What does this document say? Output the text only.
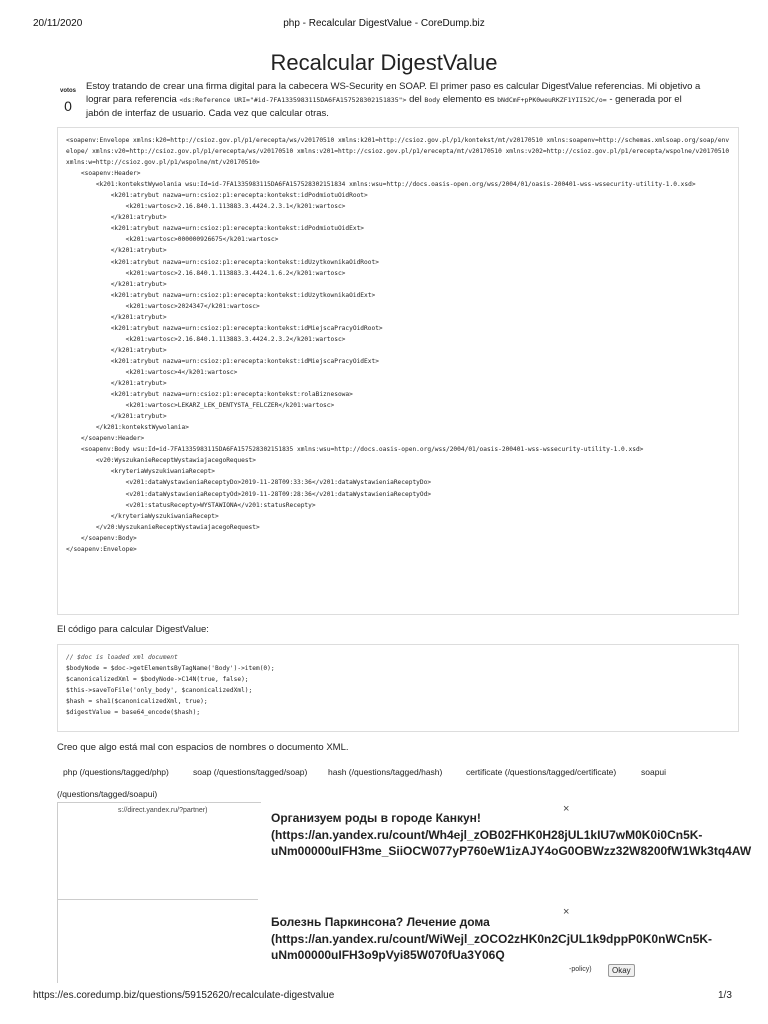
20/11/2020	php - Recalcular DigestValue - CoreDump.biz
Recalcular DigestValue
votos
0
Estoy tratando de crear una firma digital para la cabecera WS-Security en SOAP. El primer paso es calcular DigestValue referencias. Mi objetivo a lograr para referencia <ds:Reference URI="#id-7FA1335983115DA6FA157528302151835"> del Body elemento es bNdCmF+pPK0weuRKZF1YII52C/o= - generada por el jabón de interfaz de usuario. Cada vez que calcular otras.
<soapenv:Envelope xmlns:k20=http://csioz.gov.pl/p1/erecepta/ws/v20170510 xmlns:k201=http://csioz.gov.pl/p1/kontekst/mt/v20170510 xmlns:soapenv=http://schemas.xmlsoap.org/soap/envelope/ xmlns:v20=http://csioz.gov.pl/p1/erecepta/ws/v20170510 xmlns:v201=http://csioz.gov.pl/p1/erecepta/mt/v20170510 xmlns:v202=http://csioz.gov.pl/p1/erecepta/wspolne/v20170510 xmlns:w=http://csioz.gov.pl/p1/wspolne/mt/v20170510>
<soapenv:Header>
<k201:kontekstWywolania wsu:Id=id-7FA1335983115DA6FA157528302151834 xmlns:wsu=http://docs.oasis-open.org/wss/2004/01/oasis-200401-wss-wssecurity-utility-1.0.xsd>
<k201:atrybut nazwa=urn:csioz:p1:erecepta:kontekst:idPodmiotuOidRoot>
<k201:wartosc>2.16.840.1.113883.3.4424.2.3.1</k201:wartosc>
</k201:atrybut>
<k201:atrybut nazwa=urn:csioz:p1:erecepta:kontekst:idPodmiotuOidExt>
<k201:wartosc>000000926675</k201:wartosc>
</k201:atrybut>
<k201:atrybut nazwa=urn:csioz:p1:erecepta:kontekst:idUzytkownikaOidRoot>
<k201:wartosc>2.16.840.1.113883.3.4424.1.6.2</k201:wartosc>
</k201:atrybut>
<k201:atrybut nazwa=urn:csioz:p1:erecepta:kontekst:idUzytkownikaOidExt>
<k201:wartosc>2024347</k201:wartosc>
</k201:atrybut>
<k201:atrybut nazwa=urn:csioz:p1:erecepta:kontekst:idMiejscaPracyOidRoot>
<k201:wartosc>2.16.840.1.113883.3.4424.2.3.2</k201:wartosc>
</k201:atrybut>
<k201:atrybut nazwa=urn:csioz:p1:erecepta:kontekst:idMiejscaPracyOidExt>
<k201:wartosc>4</k201:wartosc>
</k201:atrybut>
<k201:atrybut nazwa=urn:csioz:p1:erecepta:kontekst:rolaBiznesowa>
<k201:wartosc>LEKARZ_LEK_DENTYSTA_FELCZER</k201:wartosc>
</k201:atrybut>
</k201:kontekstWywolania>
</soapenv:Header>
<soapenv:Body wsu:Id=id-7FA1335983115DA6FA157528302151835 xmlns:wsu=http://docs.oasis-open.org/wss/2004/01/oasis-200401-wss-wssecurity-utility-1.0.xsd>
<v20:WyszukanieReceptWystawiajacegoRequest>
<kryteriaWyszukiwaniaRecept>
<v201:dataWystawieniaReceptyDo>2019-11-28T09:33:36</v201:dataWystawieniaReceptyDo>
<v201:dataWystawieniaReceptyOd>2019-11-28T09:28:36</v201:dataWystawieniaReceptyOd>
<v201:statusRecepty>WYSTAWIONA</v201:statusRecepty>
</kryteriaWyszukiwaniaRecept>
</v20:WyszukanieReceptWystawiajacegoRequest>
</soapenv:Body>
</soapenv:Envelope>
El código para calcular DigestValue:
// $doc is loaded xml document
$bodyNode = $doc->getElementsByTagName('Body')->item(0);
$canonicalizedXml = $bodyNode->C14N(true, false);
$this->saveToFile('only_body', $canonicalizedXml);
$hash = sha1($canonicalizedXml, true);
$digestValue = base64_encode($hash);
Creo que algo está mal con espacios de nombres o documento XML.
php (/questions/tagged/php)	soap (/questions/tagged/soap) hash (/questions/tagged/hash)	certificate (/questions/tagged/certificate)	soapui
(/questions/tagged/soapui)
s://direct.yandex.ru/?partner)
Организуем роды в городе Канкун! (https://an.yandex.ru/count/Wh4ejl_zOB02FHK0H28jUL1kIU7wM0K0i0Cn5K-uNm00000uIFH3me_SiiOCW077yP760eW1izAJY4oG0OBWzz32W8200fW1Wk3tq4AW
×
Болезнь Паркинсона? Лечение дома (https://an.yandex.ru/count/WiWejl_zOCO2zHK0n2CjUL1k9dppP0K0nWCn5K-uNm00000uIFH3o9pVyi85W070fUa3Y06Q
×
-policy)	Okay
https://es.coredump.biz/questions/59152620/recalculate-digestvalue	1/3
